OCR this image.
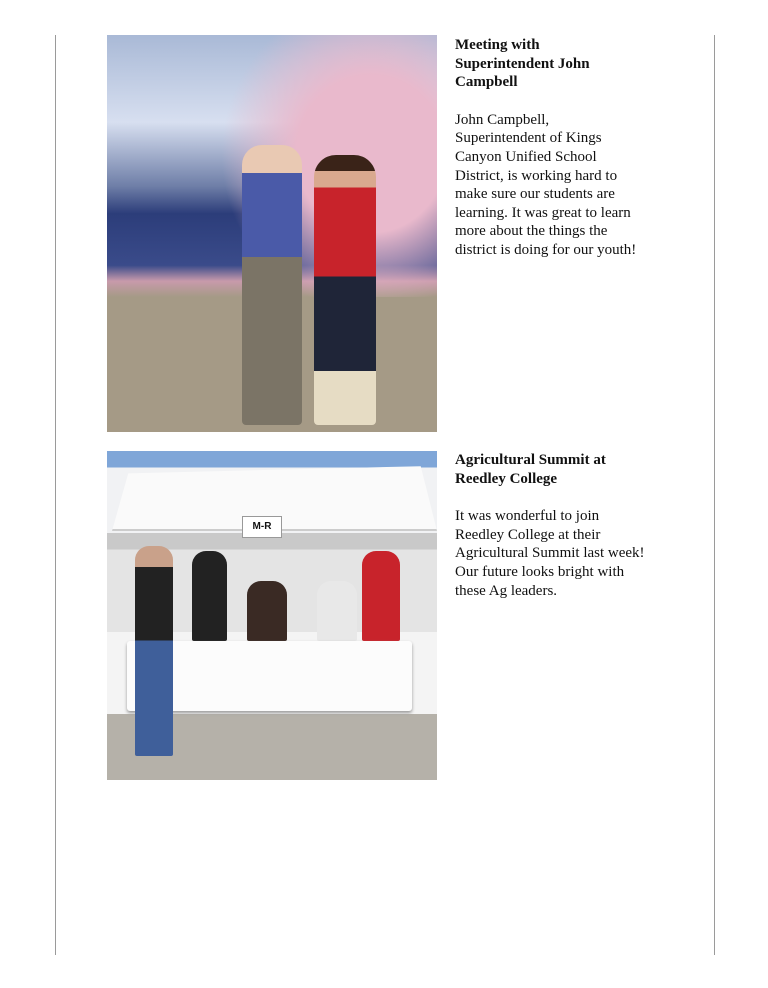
Meeting with
Superintendent John
Campbell
John Campbell,
Superintendent of Kings
Canyon Unified School
District, is working hard to
make sure our students are
learning. It was great to learn
more about the things the
district is doing for our youth!
M-R
Agricultural Summit at
Reedley College
It was wonderful to join
Reedley College at their
Agricultural Summit last week!
Our future looks bright with
these Ag leaders.
